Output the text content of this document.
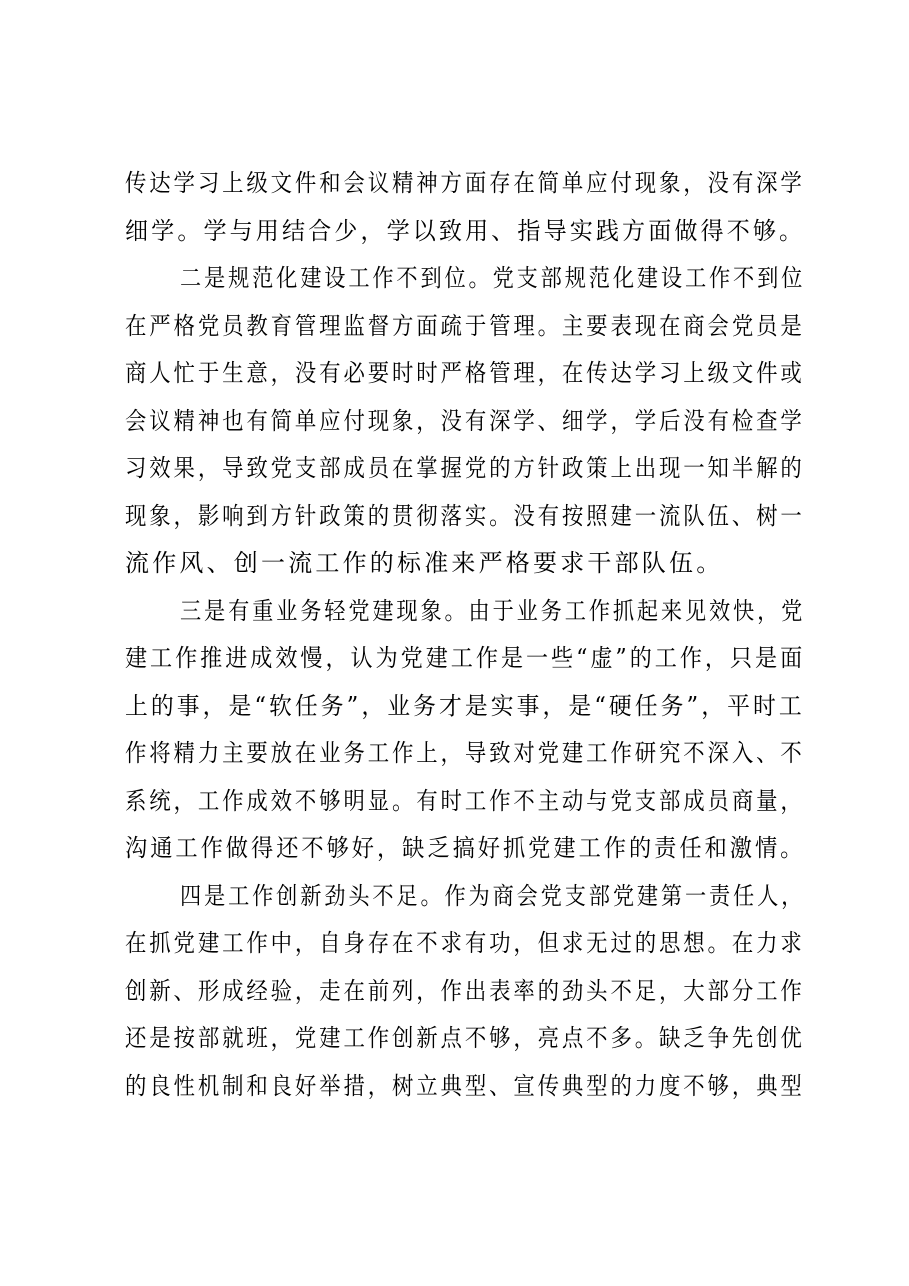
传达学习上级文件和会议精神方面存在简单应付现象，没有深学
细学。学与用结合少，学以致用、指导实践方面做得不够。
二是规范化建设工作不到位。党支部规范化建设工作不到位
在严格党员教育管理监督方面疏于管理。主要表现在商会党员是
商人忙于生意，没有必要时时严格管理，在传达学习上级文件或
会议精神也有简单应付现象，没有深学、细学，学后没有检查学
习效果，导致党支部成员在掌握党的方针政策上出现一知半解的
现象，影响到方针政策的贯彻落实。没有按照建一流队伍、树一
流作风、创一流工作的标准来严格要求干部队伍。
三是有重业务轻党建现象。由于业务工作抓起来见效快，党
建工作推进成效慢，认为党建工作是一些“虚”的工作，只是面
上的事，是“软任务”，业务才是实事，是“硬任务”，平时工
作将精力主要放在业务工作上，导致对党建工作研究不深入、不
系统，工作成效不够明显。有时工作不主动与党支部成员商量，
沟通工作做得还不够好，缺乏搞好抓党建工作的责任和激情。
四是工作创新劲头不足。作为商会党支部党建第一责任人，
在抓党建工作中，自身存在不求有功，但求无过的思想。在力求
创新、形成经验，走在前列，作出表率的劲头不足，大部分工作
还是按部就班，党建工作创新点不够，亮点不多。缺乏争先创优
的良性机制和良好举措，树立典型、宣传典型的力度不够，典型
